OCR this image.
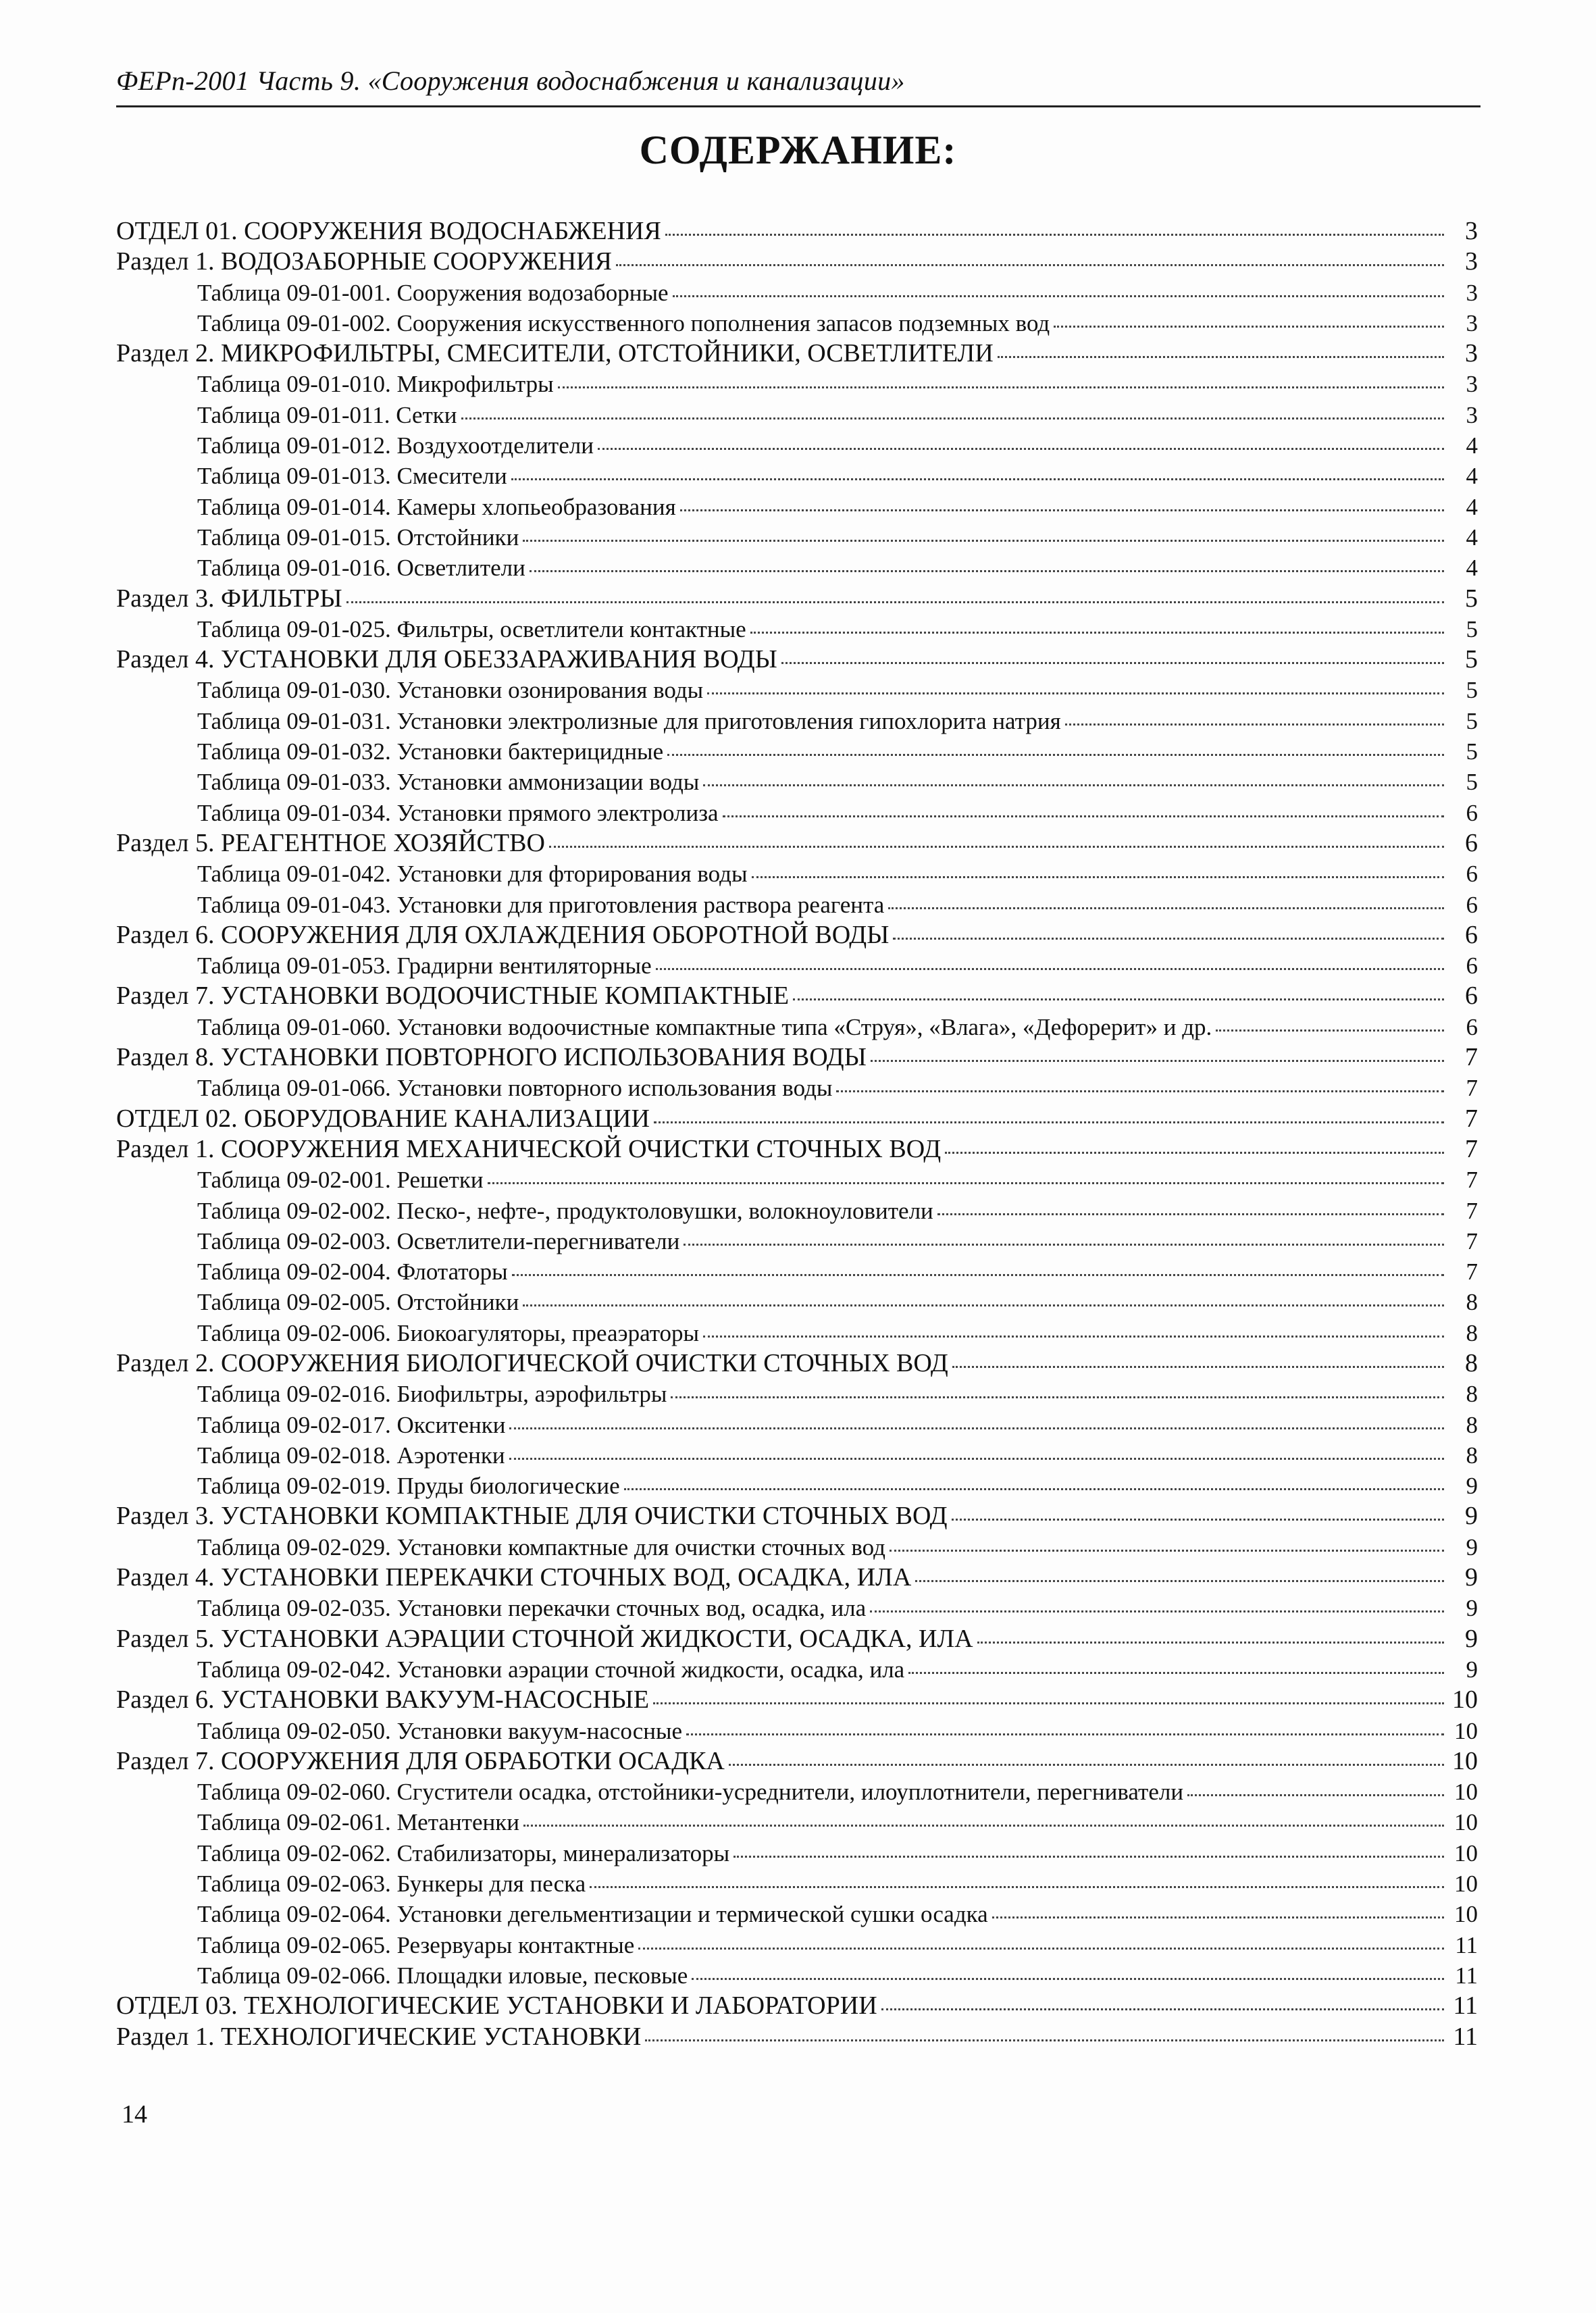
ФЕРп-2001 Часть 9. «Сооружения водоснабжения и канализации»
СОДЕРЖАНИЕ:
ОТДЕЛ 01. СООРУЖЕНИЯ ВОДОСНАБЖЕНИЯ	3
Раздел 1. ВОДОЗАБОРНЫЕ СООРУЖЕНИЯ	3
Таблица 09-01-001. Сооружения водозаборные	3
Таблица 09-01-002. Сооружения искусственного пополнения запасов подземных вод	3
Раздел 2. МИКРОФИЛЬТРЫ, СМЕСИТЕЛИ, ОТСТОЙНИКИ, ОСВЕТЛИТЕЛИ	3
Таблица 09-01-010. Микрофильтры	3
Таблица 09-01-011. Сетки	3
Таблица 09-01-012. Воздухоотделители	4
Таблица 09-01-013. Смесители	4
Таблица 09-01-014. Камеры хлопьеобразования	4
Таблица 09-01-015. Отстойники	4
Таблица 09-01-016. Осветлители	4
Раздел 3. ФИЛЬТРЫ	5
Таблица 09-01-025. Фильтры, осветлители контактные	5
Раздел 4. УСТАНОВКИ ДЛЯ ОБЕЗЗАРАЖИВАНИЯ ВОДЫ	5
Таблица 09-01-030. Установки озонирования воды	5
Таблица 09-01-031. Установки электролизные для приготовления гипохлорита натрия	5
Таблица 09-01-032. Установки бактерицидные	5
Таблица 09-01-033. Установки аммонизации воды	5
Таблица 09-01-034. Установки прямого электролиза	6
Раздел 5. РЕАГЕНТНОЕ ХОЗЯЙСТВО	6
Таблица 09-01-042. Установки для фторирования воды	6
Таблица 09-01-043. Установки для приготовления раствора реагента	6
Раздел 6. СООРУЖЕНИЯ ДЛЯ ОХЛАЖДЕНИЯ ОБОРОТНОЙ ВОДЫ	6
Таблица 09-01-053. Градирни вентиляторные	6
Раздел 7. УСТАНОВКИ ВОДООЧИСТНЫЕ КОМПАКТНЫЕ	6
Таблица 09-01-060. Установки водоочистные компактные типа «Струя», «Влага», «Дефорерит» и др.	6
Раздел 8. УСТАНОВКИ ПОВТОРНОГО ИСПОЛЬЗОВАНИЯ ВОДЫ	7
Таблица 09-01-066. Установки повторного использования воды	7
ОТДЕЛ 02. ОБОРУДОВАНИЕ КАНАЛИЗАЦИИ	7
Раздел 1. СООРУЖЕНИЯ МЕХАНИЧЕСКОЙ ОЧИСТКИ СТОЧНЫХ ВОД	7
Таблица 09-02-001. Решетки	7
Таблица 09-02-002. Песко-, нефте-, продуктоловушки, волокноуловители	7
Таблица 09-02-003. Осветлители-перегниватели	7
Таблица 09-02-004. Флотаторы	7
Таблица 09-02-005. Отстойники	8
Таблица 09-02-006. Биокоагуляторы, преаэраторы	8
Раздел 2. СООРУЖЕНИЯ БИОЛОГИЧЕСКОЙ ОЧИСТКИ СТОЧНЫХ ВОД	8
Таблица 09-02-016. Биофильтры, аэрофильтры	8
Таблица 09-02-017. Окситенки	8
Таблица 09-02-018. Аэротенки	8
Таблица 09-02-019. Пруды биологические	9
Раздел 3. УСТАНОВКИ КОМПАКТНЫЕ ДЛЯ ОЧИСТКИ СТОЧНЫХ ВОД	9
Таблица 09-02-029. Установки компактные для очистки сточных вод	9
Раздел 4. УСТАНОВКИ ПЕРЕКАЧКИ СТОЧНЫХ ВОД, ОСАДКА, ИЛА	9
Таблица 09-02-035. Установки перекачки сточных вод, осадка, ила	9
Раздел 5. УСТАНОВКИ АЭРАЦИИ СТОЧНОЙ ЖИДКОСТИ, ОСАДКА, ИЛА	9
Таблица 09-02-042. Установки аэрации сточной жидкости, осадка, ила	9
Раздел 6. УСТАНОВКИ ВАКУУМ-НАСОСНЫЕ	10
Таблица 09-02-050. Установки вакуум-насосные	10
Раздел 7. СООРУЖЕНИЯ ДЛЯ ОБРАБОТКИ ОСАДКА	10
Таблица 09-02-060. Сгустители осадка, отстойники-усреднители, илоуплотнители, перегниватели	10
Таблица 09-02-061. Метантенки	10
Таблица 09-02-062. Стабилизаторы, минерализаторы	10
Таблица 09-02-063. Бункеры для песка	10
Таблица 09-02-064. Установки дегельментизации и термической сушки осадка	10
Таблица 09-02-065. Резервуары контактные	11
Таблица 09-02-066. Площадки иловые, песковые	11
ОТДЕЛ 03. ТЕХНОЛОГИЧЕСКИЕ УСТАНОВКИ И ЛАБОРАТОРИИ	11
Раздел 1. ТЕХНОЛОГИЧЕСКИЕ УСТАНОВКИ	11
14
